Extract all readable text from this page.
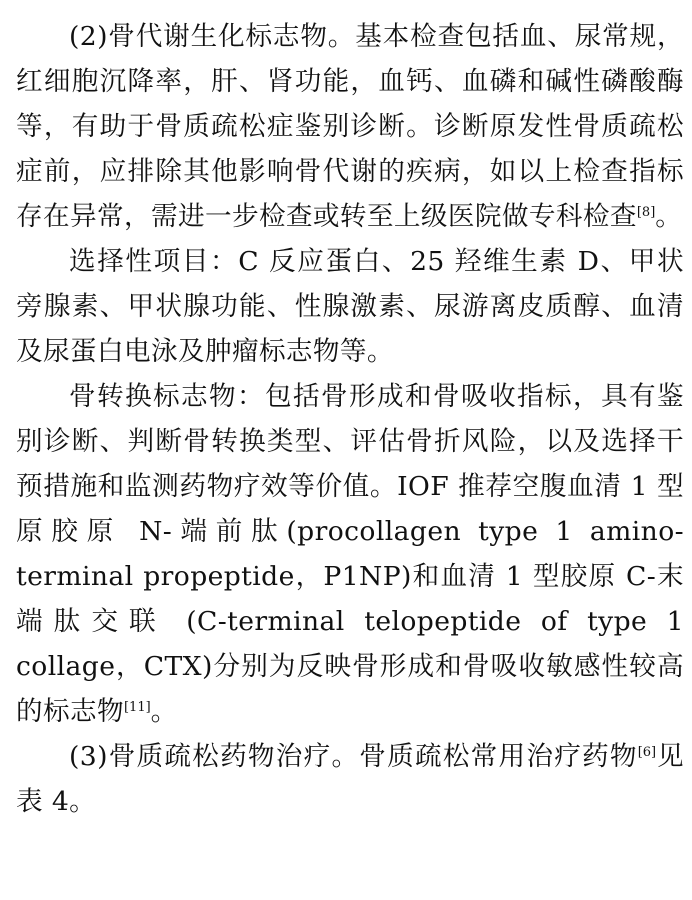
(2)骨代谢生化标志物。基本检查包括血、尿常规，红细胞沉降率，肝、肾功能，血钙、血磷和碱性磷酸酶等，有助于骨质疏松症鉴别诊断。诊断原发性骨质疏松症前，应排除其他影响骨代谢的疾病，如以上检查指标存在异常，需进一步检查或转至上级医院做专科检查[8]。

选择性项目：C 反应蛋白、25 羟维生素 D、甲状旁腺素、甲状腺功能、性腺激素、尿游离皮质醇、血清及尿蛋白电泳及肿瘤标志物等。

骨转换标志物：包括骨形成和骨吸收指标，具有鉴别诊断、判断骨转换类型、评估骨折风险，以及选择干预措施和监测药物疗效等价值。IOF 推荐空腹血清 1 型原胶原 N-端前肽(procollagen type 1 amino-terminal propeptide，P1NP)和血清 1 型胶原 C-末端肽交联 (C-terminal telopeptide of type 1 collage，CTX)分别为反映骨形成和骨吸收敏感性较高的标志物[11]。

(3)骨质疏松药物治疗。骨质疏松常用治疗药物[6]见表 4。
